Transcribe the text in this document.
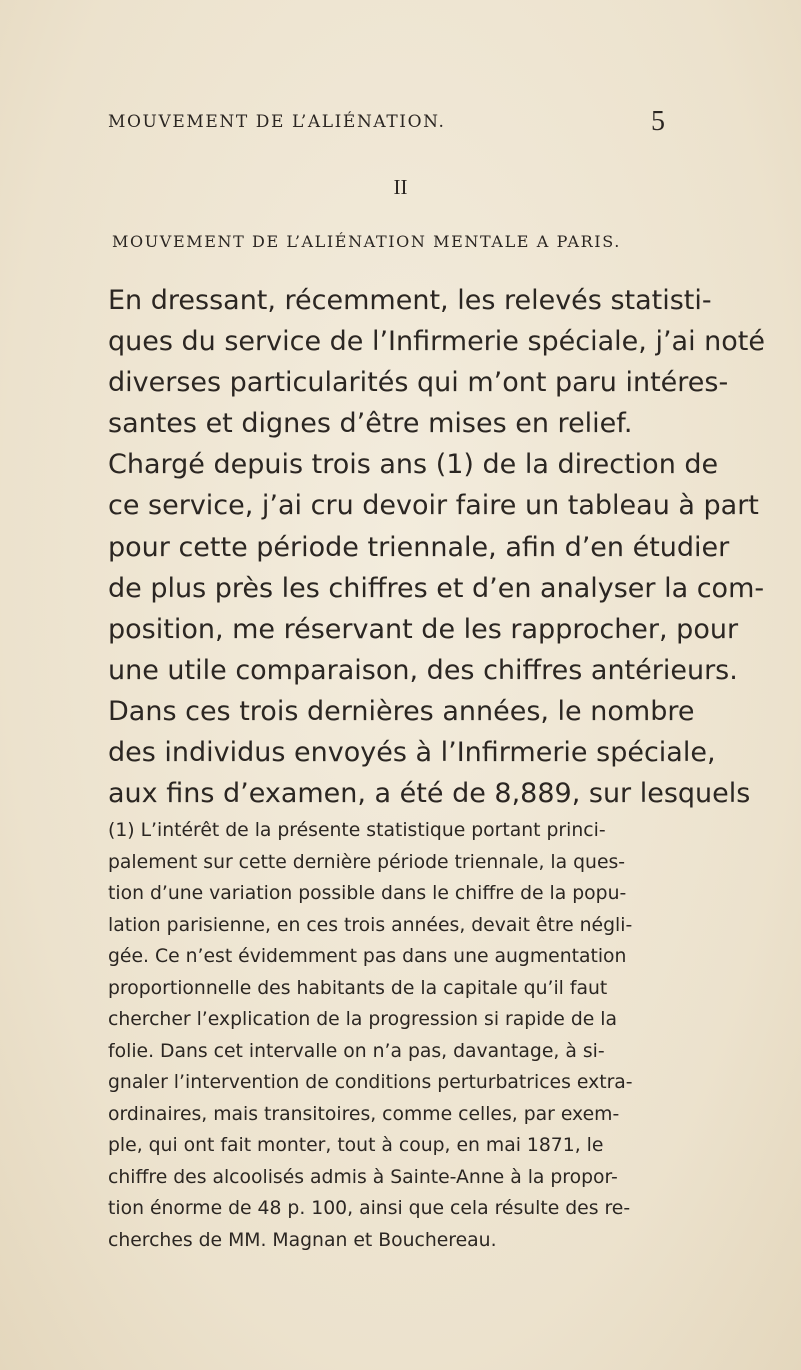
MOUVEMENT DE L’ALIÉNATION.	5
II
MOUVEMENT DE L’ALIÉNATION MENTALE A PARIS.
En dressant, récemment, les relevés statisti-
ques du service de l’Infirmerie spéciale, j’ai noté
diverses particularités qui m’ont paru intéres-
santes et dignes d’être mises en relief.
Chargé depuis trois ans (1) de la direction de
ce service, j’ai cru devoir faire un tableau à part
pour cette période triennale, afin d’en étudier
de plus près les chiffres et d’en analyser la com-
position, me réservant de les rapprocher, pour
une utile comparaison, des chiffres antérieurs.
Dans ces trois dernières années, le nombre
des individus envoyés à l’Infirmerie spéciale,
aux fins d’examen, a été de 8,889, sur lesquels
(1) L’intérêt de la présente statistique portant princi-
palement sur cette dernière période triennale, la ques-
tion d’une variation possible dans le chiffre de la popu-
lation parisienne, en ces trois années, devait être négli-
gée. Ce n’est évidemment pas dans une augmentation
proportionnelle des habitants de la capitale qu’il faut
chercher l’explication de la progression si rapide de la
folie. Dans cet intervalle on n’a pas, davantage, à si-
gnaler l’intervention de conditions perturbatrices extra-
ordinaires, mais transitoires, comme celles, par exem-
ple, qui ont fait monter, tout à coup, en mai 1871, le
chiffre des alcoolisés admis à Sainte-Anne à la propor-
tion énorme de 48 p. 100, ainsi que cela résulte des re-
cherches de MM. Magnan et Bouchereau.
